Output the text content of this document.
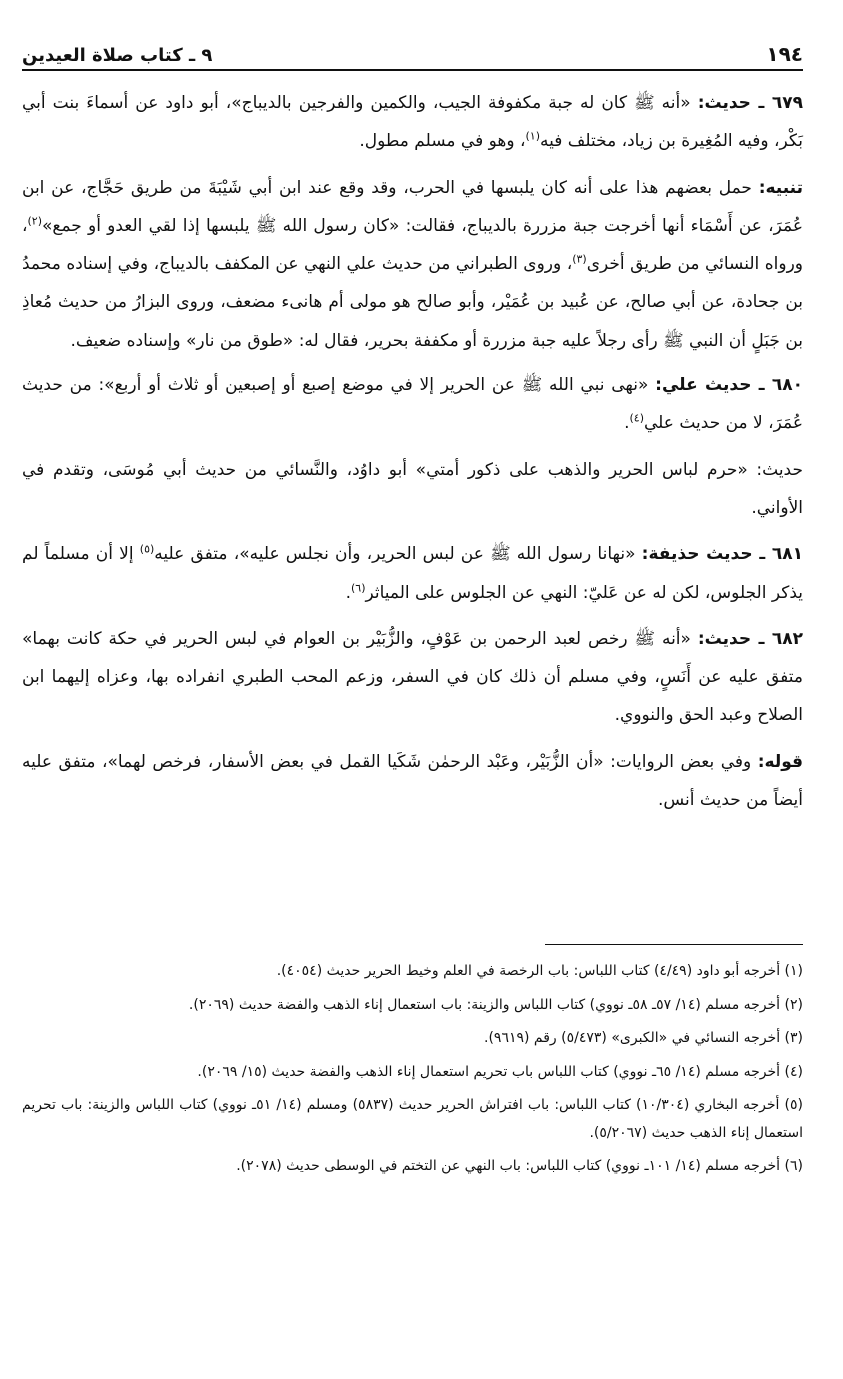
١٩٤
٩ ـ كتاب صلاة العيدين

٦٧٩ ـ حديث: «أنه ﷺ كان له جبة مكفوفة الجيب، والكمين والفرجين بالديباج»، أبو داود عن أسماءَ بنت أبي بَكْر، وفيه المُغِيرة بن زياد، مختلف فيه$^{(١)}$، وهو في مسلم مطول.

تنبيه: حمل بعضهم هذا على أنه كان يلبسها في الحرب، وقد وقع عند ابن أبي شَيْبَةَ من طريق حَجَّاج، عن ابن عُمَرَ، عن أَسْمَاء أنها أخرجت جبة مزررة بالديباج، فقالت: «كان رسول الله ﷺ يلبسها إذا لقي العدو أو جمع»$^{(٢)}$، ورواه النسائي من طريق أخرى$^{(٣)}$، وروى الطبراني من حديث علي النهي عن المكفف بالديباج، وفي إسناده محمدُ بن جحادة، عن أبي صالح، عن عُبيد بن عُمَيْر، وأبو صالح هو مولى أم هانىء مضعف، وروى البزارُ من حديث مُعاذِ بن جَبَلٍ أن النبي ﷺ رأى رجلاً عليه جبة مزررة أو مكففة بحرير، فقال له: «طوق من نار» وإسناده ضعيف.

٦٨٠ ـ حديث علي: «نهى نبي الله ﷺ عن الحرير إلا في موضع إصبع أو إصبعين أو ثلاث أو أربع»: من حديث عُمَرَ، لا من حديث علي$^{(٤)}$.

حديث: «حرم لباس الحرير والذهب على ذكور أمتي» أبو داوُد، والنَّسائي من حديث أبي مُوسَى، وتقدم في الأواني.

٦٨١ ـ حديث حذيفة: «نهانا رسول الله ﷺ عن لبس الحرير، وأن نجلس عليه»، متفق عليه$^{(٥)}$ إلا أن مسلماً لم يذكر الجلوس، لكن له عن عَليّ: النهي عن الجلوس على المياثر$^{(٦)}$.

٦٨٢ ـ حديث: «أنه ﷺ رخص لعبد الرحمن بن عَوْفٍ، والزُّبَيْر بن العوام في لبس الحرير في حكة كانت بهما» متفق عليه عن أَنَسٍ، وفي مسلم أن ذلك كان في السفر، وزعم المحب الطبري انفراده بها، وعزاه إليهما ابن الصلاح وعبد الحق والنووي.

قوله: وفي بعض الروايات: «أن الزُّبَيْر، وعَبْد الرحمٰن شَكَيا القمل في بعض الأسفار، فرخص لهما»، متفق عليه أيضاً من حديث أنس.

(١) أخرجه أبو داود (٤/٤٩) كتاب اللباس: باب الرخصة في العلم وخيط الحرير حديث (٤٠٥٤).

(٢) أخرجه مسلم (١٤/ ٥٧ـ ٥٨ـ نووي) كتاب اللباس والزينة: باب استعمال إناء الذهب والفضة حديث (٢٠٦٩).

(٣) أخرجه النسائي في «الكبرى» (٥/٤٧٣) رقم (٩٦١٩).

(٤) أخرجه مسلم (١٤/ ٦٥ـ نووي) كتاب اللباس باب تحريم استعمال إناء الذهب والفضة حديث (١٥/ ٢٠٦٩).

(٥) أخرجه البخاري (١٠/٣٠٤) كتاب اللباس: باب افتراش الحرير حديث (٥٨٣٧) ومسلم (١٤/ ٥١ـ نووي) كتاب اللباس والزينة: باب تحريم استعمال إناء الذهب حديث (٥/٢٠٦٧).

(٦) أخرجه مسلم (١٤/ ١٠١ـ نووي) كتاب اللباس: باب النهي عن التختم في الوسطى حديث (٢٠٧٨).
